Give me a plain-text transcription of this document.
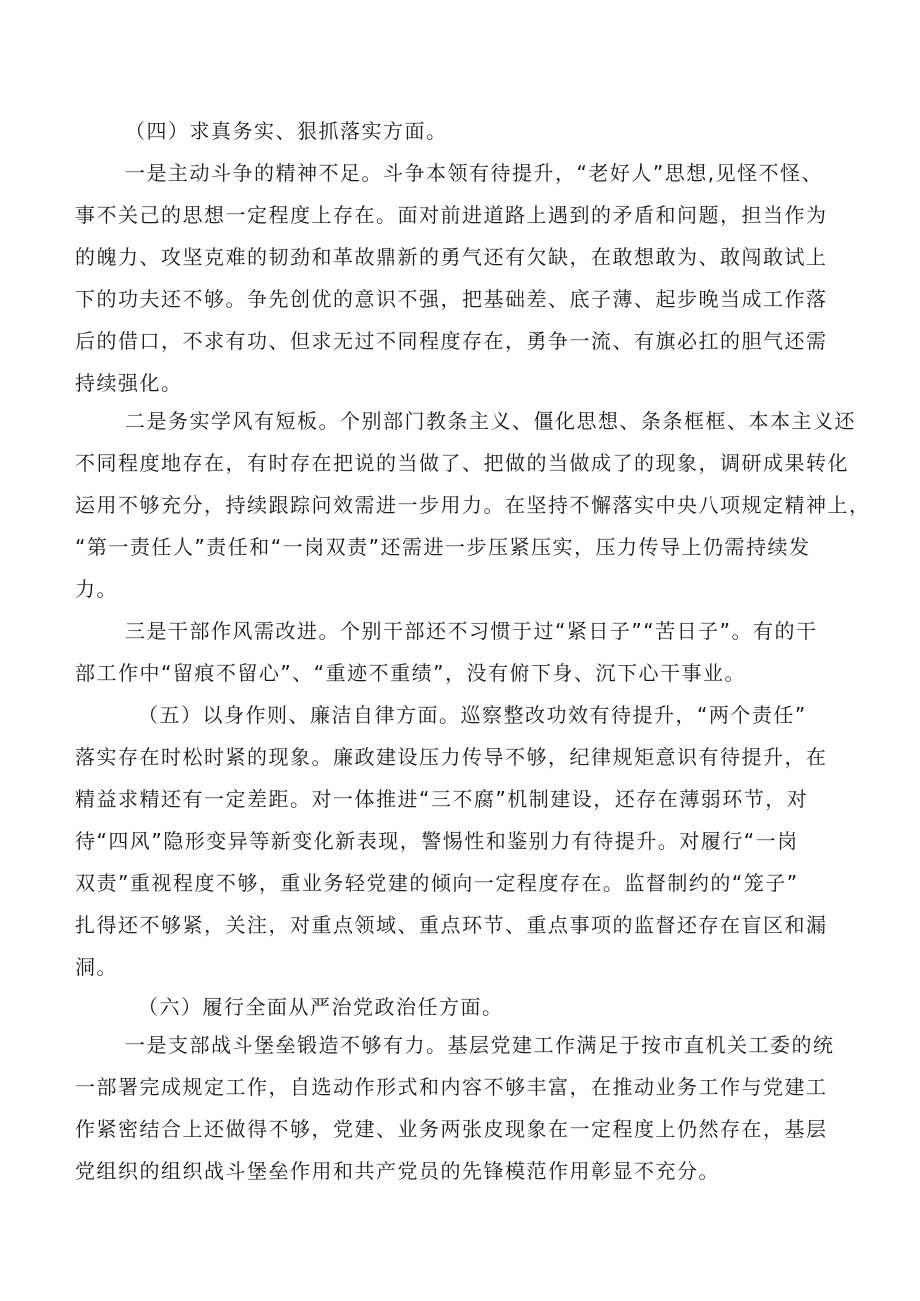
（四）求真务实、狠抓落实方面。
一是主动斗争的精神不足。斗争本领有待提升，“老好人”思想,见怪不怪、
事不关己的思想一定程度上存在。面对前进道路上遇到的矛盾和问题，担当作为
的魄力、攻坚克难的韧劲和革故鼎新的勇气还有欠缺，在敢想敢为、敢闯敢试上
下的功夫还不够。争先创优的意识不强，把基础差、底子薄、起步晚当成工作落
后的借口，不求有功、但求无过不同程度存在，勇争一流、有旗必扛的胆气还需
持续强化。
二是务实学风有短板。个别部门教条主义、僵化思想、条条框框、本本主义还
不同程度地存在，有时存在把说的当做了、把做的当做成了的现象，调研成果转化
运用不够充分，持续跟踪问效需进一步用力。在坚持不懈落实中央八项规定精神上，
“第一责任人”责任和“一岗双责”还需进一步压紧压实，压力传导上仍需持续发
力。
三是干部作风需改进。个别干部还不习惯于过“紧日子”“苦日子”。有的干
部工作中“留痕不留心”、“重迹不重绩”，没有俯下身、沉下心干事业。
（五）以身作则、廉洁自律方面。巡察整改功效有待提升，“两个责任”
落实存在时松时紧的现象。廉政建设压力传导不够，纪律规矩意识有待提升，在
精益求精还有一定差距。对一体推进“三不腐”机制建设，还存在薄弱环节，对
待“四风”隐形变异等新变化新表现，警惕性和鉴别力有待提升。对履行“一岗
双责”重视程度不够，重业务轻党建的倾向一定程度存在。监督制约的“笼子”
扎得还不够紧，关注，对重点领域、重点环节、重点事项的监督还存在盲区和漏
洞。
（六）履行全面从严治党政治任方面。
一是支部战斗堡垒锻造不够有力。基层党建工作满足于按市直机关工委的统
一部署完成规定工作，自选动作形式和内容不够丰富，在推动业务工作与党建工
作紧密结合上还做得不够，党建、业务两张皮现象在一定程度上仍然存在，基层
党组织的组织战斗堡垒作用和共产党员的先锋模范作用彰显不充分。
